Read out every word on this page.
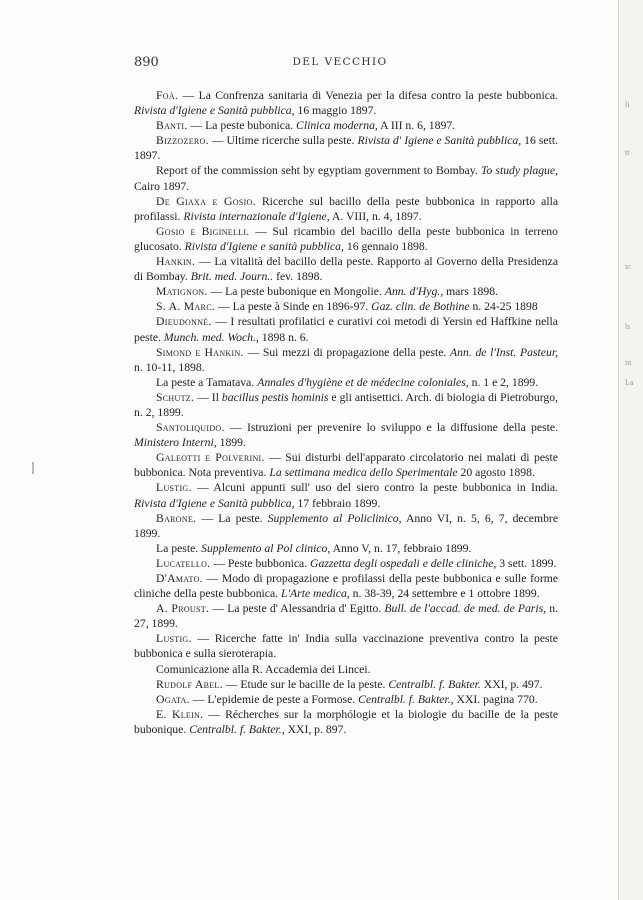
li
tt
ic
ls
in
La
890	DEL VECCHIO

Foà. — La Confrenza sanitaria di Venezia per la difesa contro la peste bubbonica. Rivista d'Igiene e Sanità pubblica, 16 maggio 1897.

Banti. — La peste bubonica. Clinica moderna, A III n. 6, 1897.

Bizzozero. — Ultime ricerche sulla peste. Rivista d' Igiene e Sanità pubblica, 16 sett. 1897.

Report of the commission seht by egyptiam government to Bombay. To study plague, Cairo 1897.

De Giaxa e Gosio. Ricerche sul bacillo della peste bubbonica in rapporto alla profilassi. Rivista internazionale d'Igiene, A. VIII, n. 4, 1897.

Gosio e Biginelli. — Sul ricambio del bacillo della peste bubbonica in terreno glucosato. Rivista d'Igiene e sanità pubblica, 16 gennaio 1898.

Hankin. — La vitalità del bacillo della peste. Rapporto al Governo della Presidenza di Bombay. Brit. med. Journ.. fev. 1898.

Matignon. — La peste bubonique en Mongolie. Ann. d'Hyg., mars 1898.

S. A. Marc. — La peste à Sinde en 1896-97. Gaz. clin. de Bothine n. 24-25 1898

Dieudonné. — I resultati profilatici e curativi coi metodi di Yersin ed Haffkine nella peste. Munch. med. Woch., 1898 n. 6.

Simond e Hankin. — Sui mezzi di propagazione della peste. Ann. de l'Inst. Pasteur, n. 10-11, 1898.

La peste a Tamatava. Annales d'hygiène et de médecine coloniales, n. 1 e 2, 1899.

Schutz. — Il bacillus pestis hominis e gli antisettici. Arch. di biologia di Pietroburgo, n. 2, 1899.

Santoliquido. — Istruzioni per prevenire lo sviluppo e la diffusione della peste. Ministero Interni, 1899.

Galeotti e Polverini. — Sui disturbi dell'apparato circolatorio nei malati di peste bubbonica. Nota preventiva. La settimana medica dello Sperimentale 20 agosto 1898.

Lustig. — Alcuni appunti sull' uso del siero contro la peste bubbonica in India. Rivista d'Igiene e Sanità pubblica, 17 febbraio 1899.

Barone. — La peste. Supplemento al Policlinico, Anno VI, n. 5, 6, 7, decembre 1899.

La peste. Supplemento al Pol clinico, Anno V, n. 17, febbraio 1899.

Lucatello. — Peste bubbonica. Gazzetta degli ospedali e delle cliniche, 3 sett. 1899.

D'Amato. — Modo di propagazione e profilassi della peste bubbonica e sulle forme cliniche della peste bubbonica. L'Arte medica, n. 38-39, 24 settembre e 1 ottobre 1899.

A. Proust. — La peste d' Alessandria d' Egitto. Bull. de l'accad. de med. de Paris, n. 27, 1899.

Lustig. — Ricerche fatte in' India sulla vaccinazione preventiva contro la peste bubbonica e sulla sieroterapia.

Comunicazione alla R. Accademia dei Lincei.

Rudolf Abel. — Etude sur le bacille de la peste. Centralbl. f. Bakter. XXI, p. 497.

Ogata. — L'epidemie de peste a Formose. Centralbl. f. Bakter., XXI. pagina 770.

E. Klein. — Récherches sur la morphólogie et la biologie du bacille de la peste bubonique. Centralbl. f. Bakter., XXI, p. 897.
